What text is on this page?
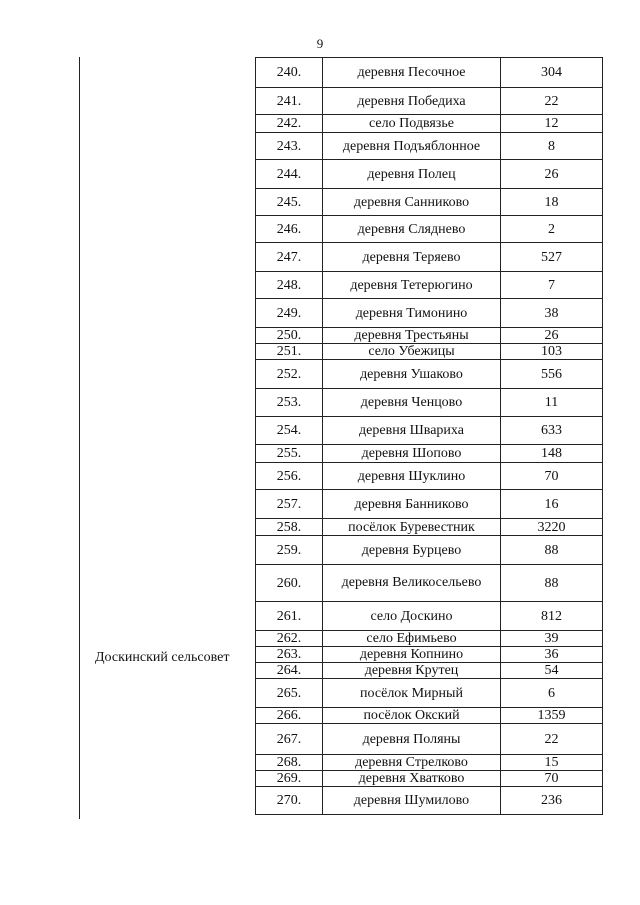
9
Доскинский сельсовет
240.	деревня Песочное	304
241.	деревня Победиха	22
242.	село Подвязье	12
243.	деревня Подъяблонное	8
244.	деревня Полец	26
245.	деревня Санниково	18
246.	деревня Сляднево	2
247.	деревня Теряево	527
248.	деревня Тетерюгино	7
249.	деревня Тимонино	38
250.	деревня Трестьяны	26
251.	село Убежицы	103
252.	деревня Ушаково	556
253.	деревня Ченцово	11
254.	деревня Швариха	633
255.	деревня Шопово	148
256.	деревня Шуклино	70
257.	деревня Банниково	16
258.	посёлок Буревестник	3220
259.	деревня Бурцево	88
260.	деревня Великосельево	88
261.	село Доскино	812
262.	село Ефимьево	39
263.	деревня Копнино	36
264.	деревня Крутец	54
265.	посёлок Мирный	6
266.	посёлок Окский	1359
267.	деревня Поляны	22
268.	деревня Стрелково	15
269.	деревня Хватково	70
270.	деревня Шумилово	236
